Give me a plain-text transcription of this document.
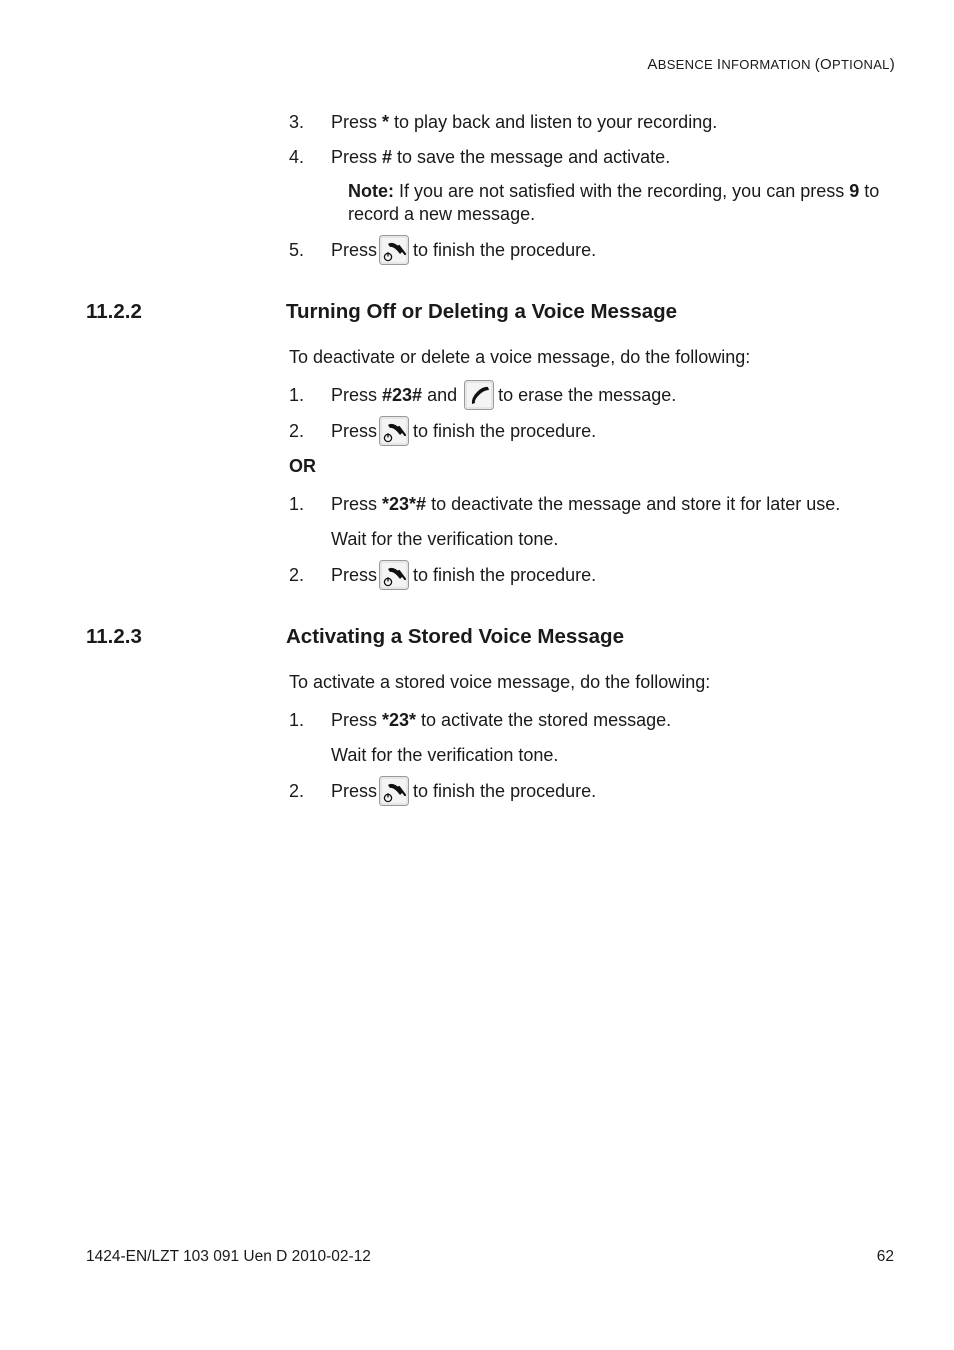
ABSENCE INFORMATION (OPTIONAL)
3. Press * to play back and listen to your recording.
4. Press # to save the message and activate.
Note: If you are not satisfied with the recording, you can press 9 to record a new message.
5. Press to finish the procedure.
11.2.2	Turning Off or Deleting a Voice Message
To deactivate or delete a voice message, do the following:
1. Press #23# and to erase the message.
2. Press to finish the procedure.
OR
1. Press *23*# to deactivate the message and store it for later use.
Wait for the verification tone.
2. Press to finish the procedure.
11.2.3	Activating a Stored Voice Message
To activate a stored voice message, do the following:
1. Press *23* to activate the stored message.
Wait for the verification tone.
2. Press to finish the procedure.
1424-EN/LZT 103 091 Uen D 2010-02-12	62
